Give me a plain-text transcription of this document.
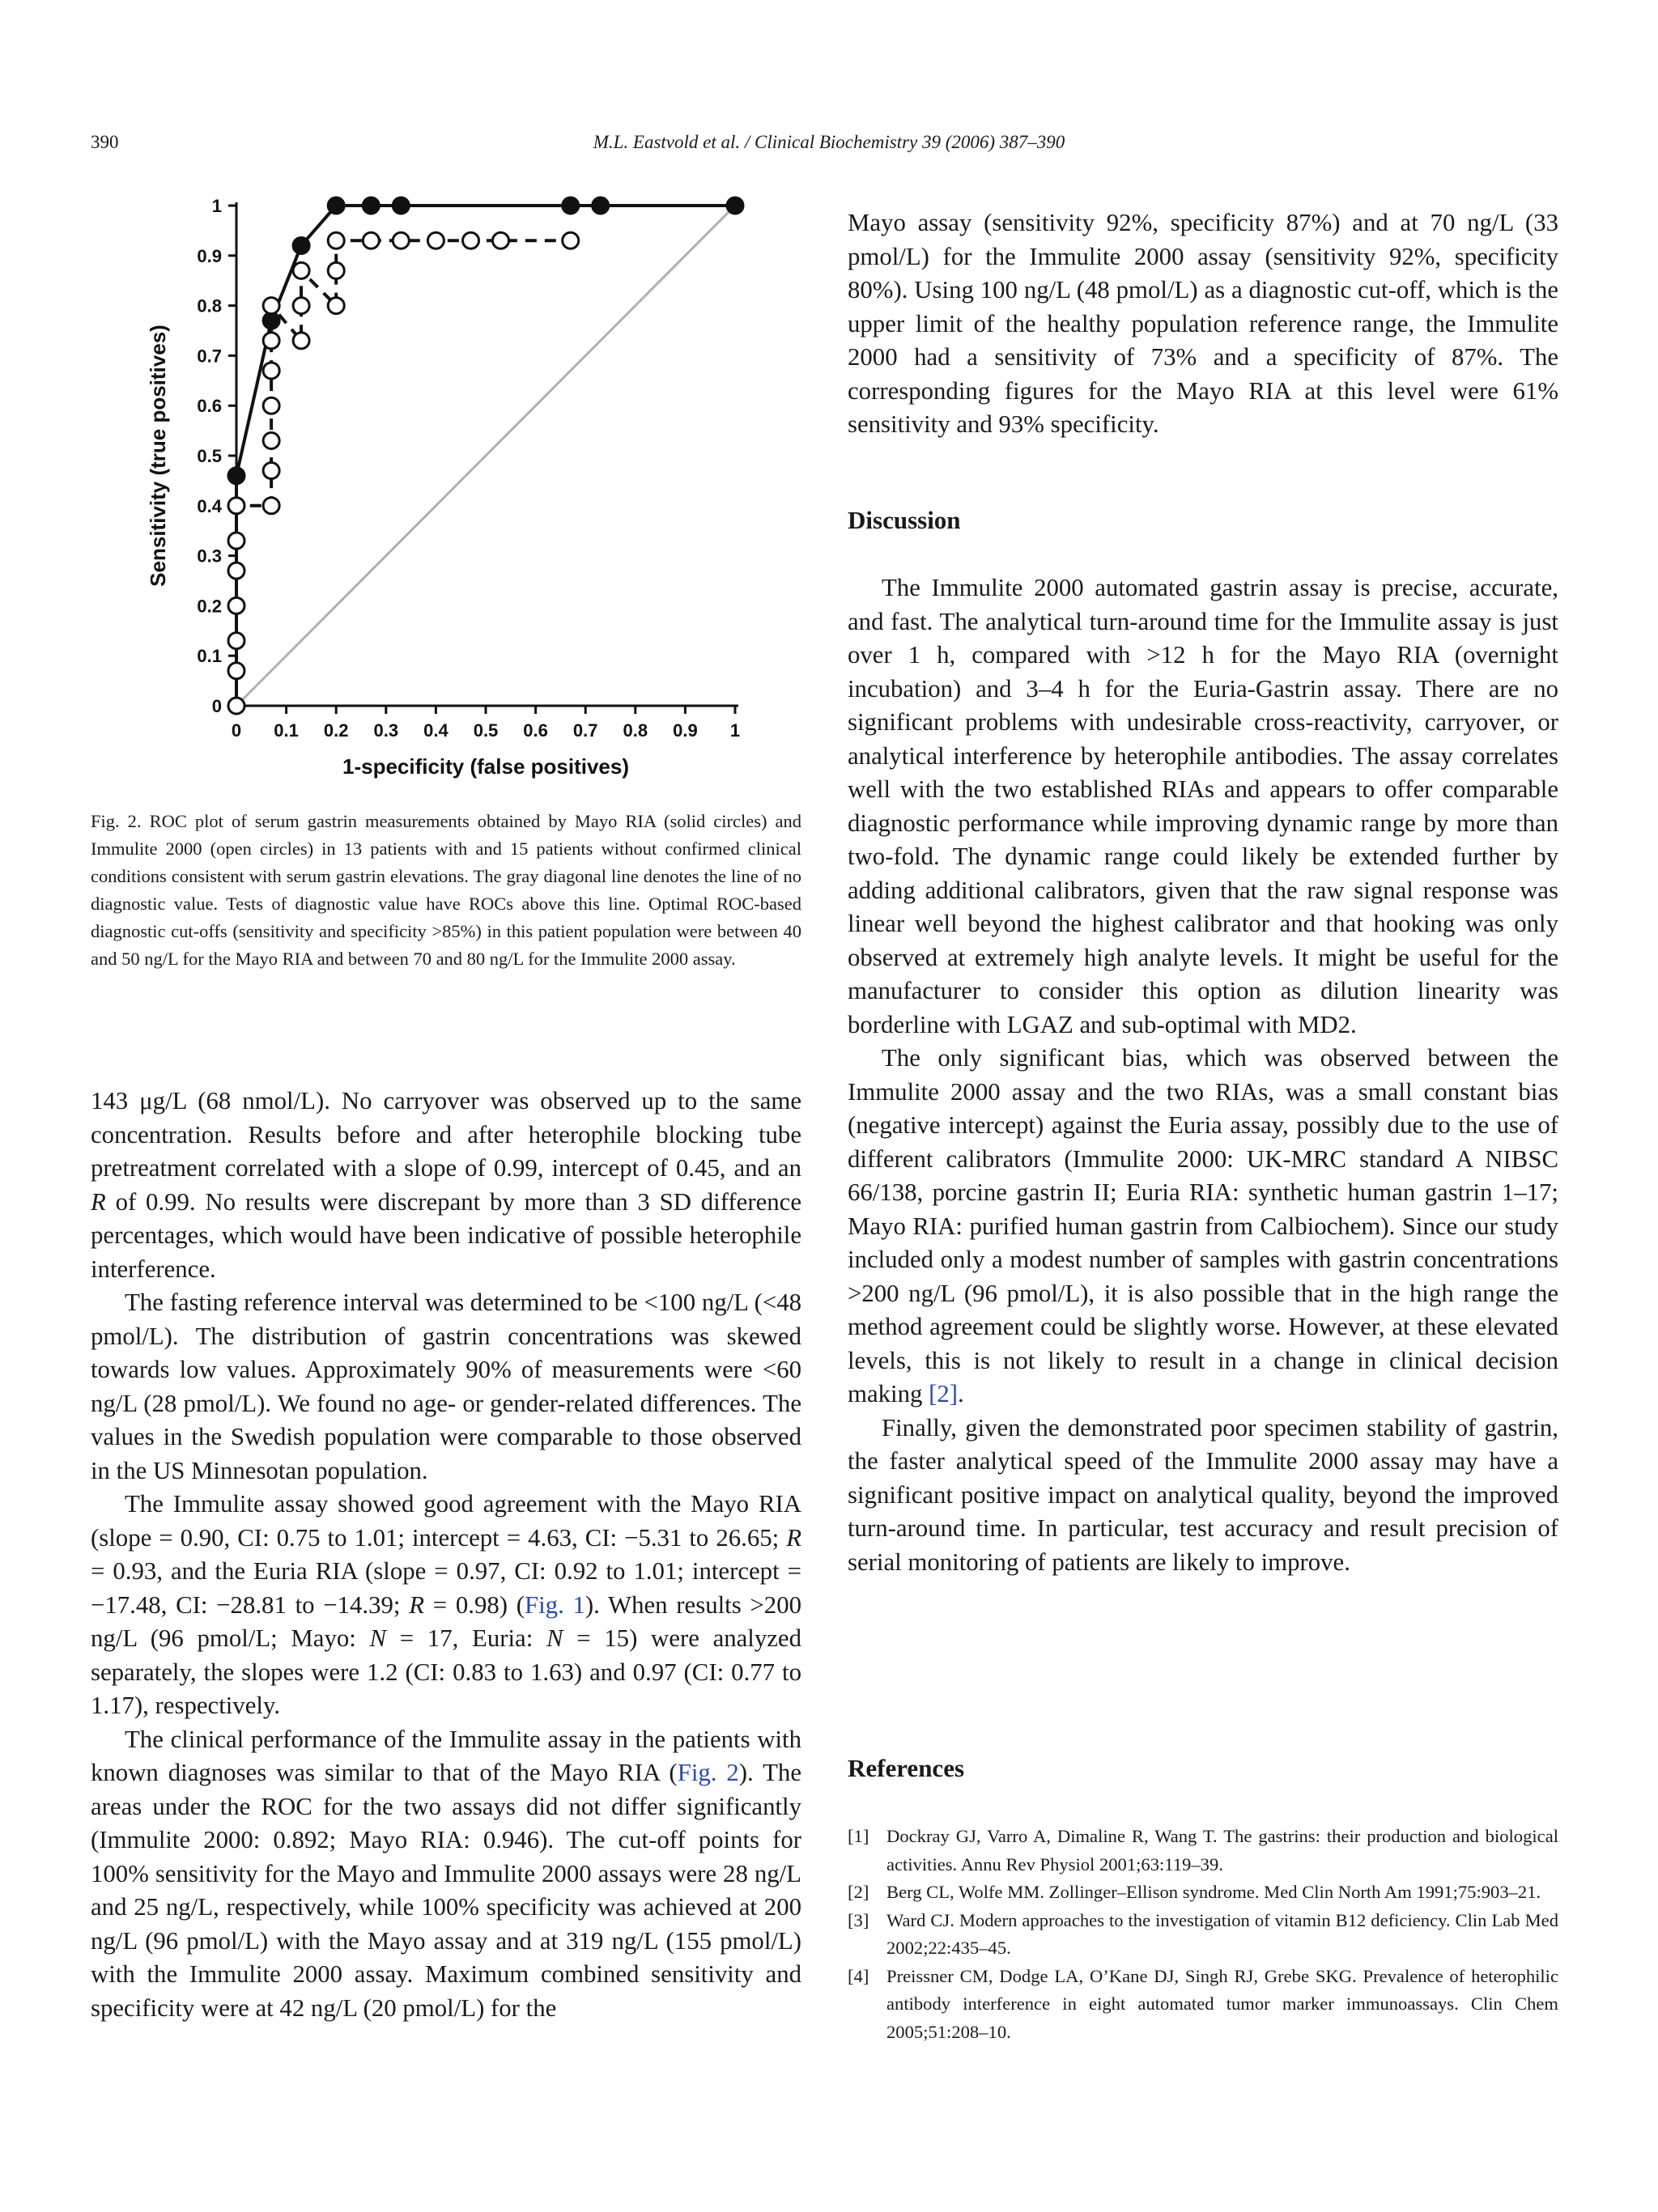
390	M.L. Eastvold et al. / Clinical Biochemistry 39 (2006) 387–390
0
0.1
0.2
0.3
0.4
0.5
0.6
0.7
0.8
0.9
1
0 0.1 0.2 0.3 0.4 0.5 0.6 0.7 0.8 0.9 1
1-specificity (false positives)
Sensitivity (true positives)

Fig. 2. ROC plot of serum gastrin measurements obtained by Mayo RIA (solid circles) and Immulite 2000 (open circles) in 13 patients with and 15 patients without confirmed clinical conditions consistent with serum gastrin elevations. The gray diagonal line denotes the line of no diagnostic value. Tests of diagnostic value have ROCs above this line. Optimal ROC-based diagnostic cut-offs (sensitivity and specificity >85%) in this patient population were between 40 and 50 ng/L for the Mayo RIA and between 70 and 80 ng/L for the Immulite 2000 assay.

143 μg/L (68 nmol/L). No carryover was observed up to the same concentration. Results before and after heterophile blocking tube pretreatment correlated with a slope of 0.99, intercept of 0.45, and an R of 0.99. No results were discrepant by more than 3 SD difference percentages, which would have been indicative of possible heterophile interference.

The fasting reference interval was determined to be <100 ng/L (<48 pmol/L). The distribution of gastrin concentrations was skewed towards low values. Approximately 90% of measurements were <60 ng/L (28 pmol/L). We found no age- or gender-related differences. The values in the Swedish population were comparable to those observed in the US Minnesotan population.

The Immulite assay showed good agreement with the Mayo RIA (slope = 0.90, CI: 0.75 to 1.01; intercept = 4.63, CI: −5.31 to 26.65; R = 0.93, and the Euria RIA (slope = 0.97, CI: 0.92 to 1.01; intercept = −17.48, CI: −28.81 to −14.39; R = 0.98) (Fig. 1). When results >200 ng/L (96 pmol/L; Mayo: N = 17, Euria: N = 15) were analyzed separately, the slopes were 1.2 (CI: 0.83 to 1.63) and 0.97 (CI: 0.77 to 1.17), respectively.

The clinical performance of the Immulite assay in the patients with known diagnoses was similar to that of the Mayo RIA (Fig. 2). The areas under the ROC for the two assays did not differ significantly (Immulite 2000: 0.892; Mayo RIA: 0.946). The cut-off points for 100% sensitivity for the Mayo and Immulite 2000 assays were 28 ng/L and 25 ng/L, respectively, while 100% specificity was achieved at 200 ng/L (96 pmol/L) with the Mayo assay and at 319 ng/L (155 pmol/L) with the Immulite 2000 assay. Maximum combined sensitivity and specificity were at 42 ng/L (20 pmol/L) for the

Mayo assay (sensitivity 92%, specificity 87%) and at 70 ng/L (33 pmol/L) for the Immulite 2000 assay (sensitivity 92%, specificity 80%). Using 100 ng/L (48 pmol/L) as a diagnostic cut-off, which is the upper limit of the healthy population reference range, the Immulite 2000 had a sensitivity of 73% and a specificity of 87%. The corresponding figures for the Mayo RIA at this level were 61% sensitivity and 93% specificity.

Discussion

The Immulite 2000 automated gastrin assay is precise, accurate, and fast. The analytical turn-around time for the Immulite assay is just over 1 h, compared with >12 h for the Mayo RIA (overnight incubation) and 3–4 h for the Euria-Gastrin assay. There are no significant problems with undesirable cross-reactivity, carryover, or analytical interference by heterophile antibodies. The assay correlates well with the two established RIAs and appears to offer comparable diagnostic performance while improving dynamic range by more than two-fold. The dynamic range could likely be extended further by adding additional calibrators, given that the raw signal response was linear well beyond the highest calibrator and that hooking was only observed at extremely high analyte levels. It might be useful for the manufacturer to consider this option as dilution linearity was borderline with LGAZ and sub-optimal with MD2.

The only significant bias, which was observed between the Immulite 2000 assay and the two RIAs, was a small constant bias (negative intercept) against the Euria assay, possibly due to the use of different calibrators (Immulite 2000: UK-MRC standard A NIBSC 66/138, porcine gastrin II; Euria RIA: synthetic human gastrin 1–17; Mayo RIA: purified human gastrin from Calbiochem). Since our study included only a modest number of samples with gastrin concentrations >200 ng/L (96 pmol/L), it is also possible that in the high range the method agreement could be slightly worse. However, at these elevated levels, this is not likely to result in a change in clinical decision making [2].

Finally, given the demonstrated poor specimen stability of gastrin, the faster analytical speed of the Immulite 2000 assay may have a significant positive impact on analytical quality, beyond the improved turn-around time. In particular, test accuracy and result precision of serial monitoring of patients are likely to improve.

References
[1] Dockray GJ, Varro A, Dimaline R, Wang T. The gastrins: their production and biological activities. Annu Rev Physiol 2001;63:119–39.
[2] Berg CL, Wolfe MM. Zollinger–Ellison syndrome. Med Clin North Am 1991;75:903–21.
[3] Ward CJ. Modern approaches to the investigation of vitamin B12 deficiency. Clin Lab Med 2002;22:435–45.
[4] Preissner CM, Dodge LA, O’Kane DJ, Singh RJ, Grebe SKG. Prevalence of heterophilic antibody interference in eight automated tumor marker immunoassays. Clin Chem 2005;51:208–10.
